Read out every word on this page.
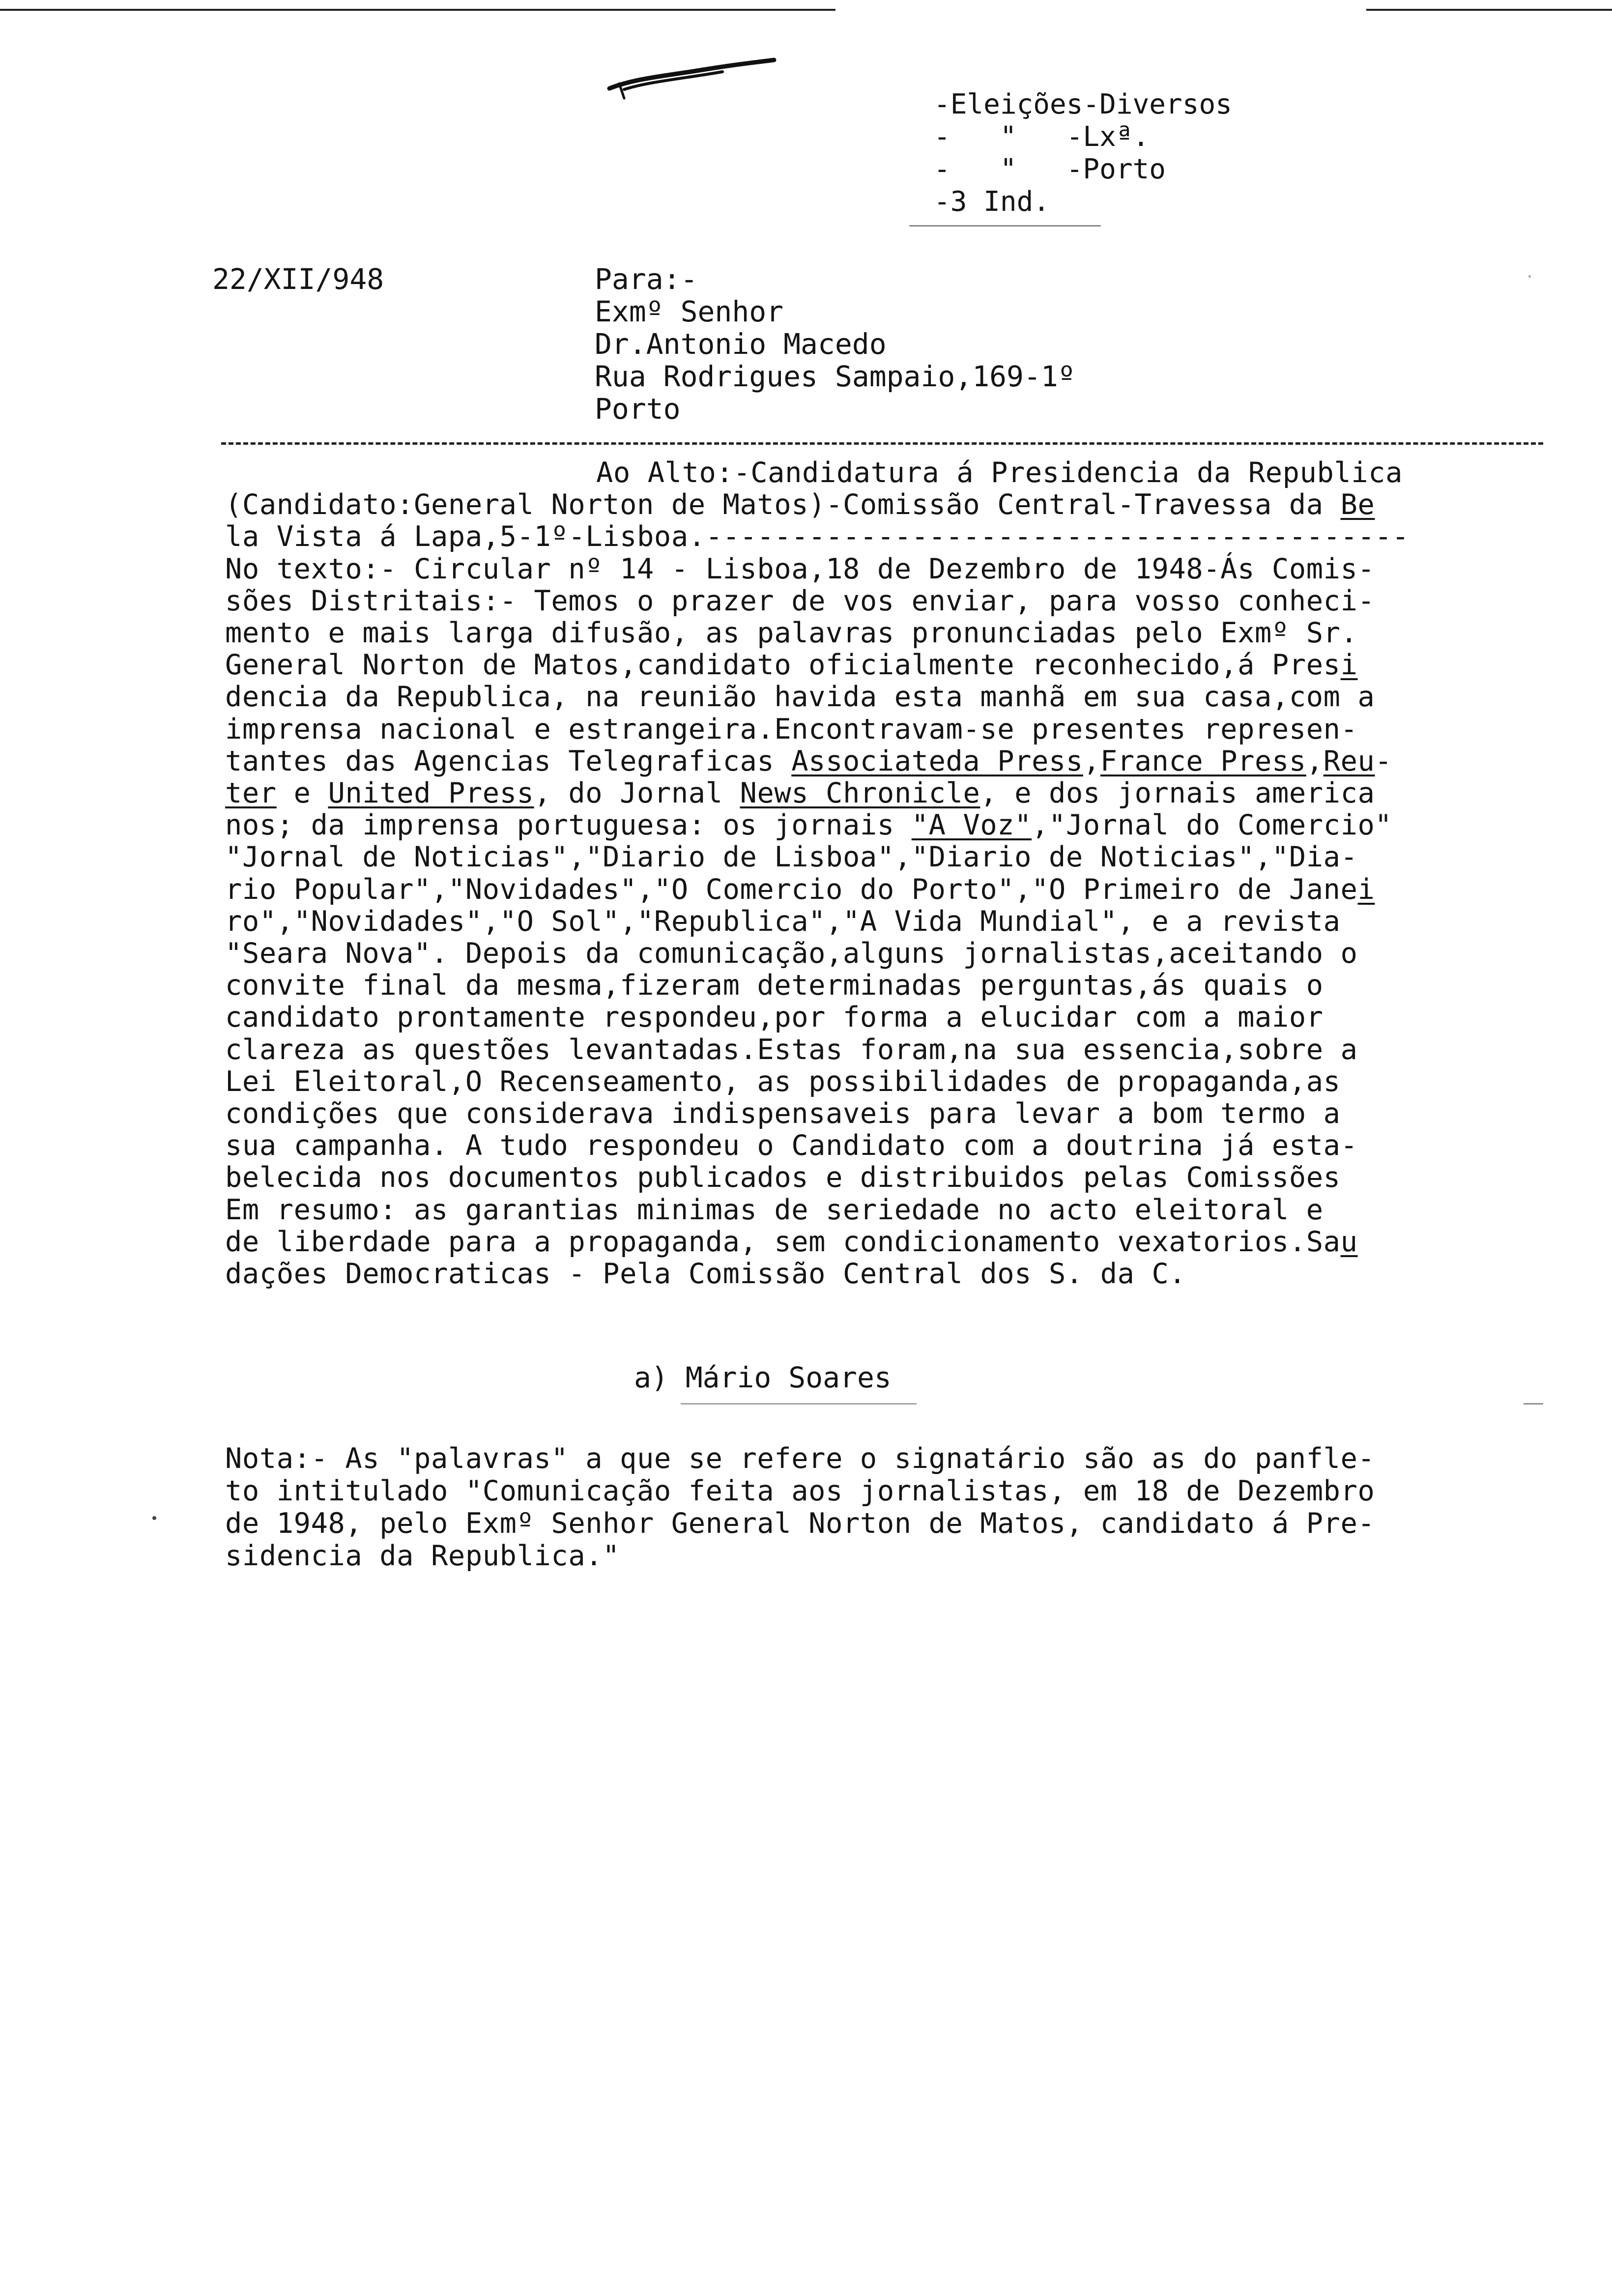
-Eleições-Diversos
-   "   -Lxª.
-   "   -Porto
-3 Ind.
22/XII/948	Para:-
Exmº Senhor
Dr.Antonio Macedo
Rua Rodrigues Sampaio,169-1º
Porto
Ao Alto:-Candidatura á Presidencia da Republica
(Candidato:General Norton de Matos)-Comissão Central-Travessa da Be
la Vista á Lapa,5-1º-Lisboa.-----------------------------------------
No texto:- Circular nº 14 - Lisboa,18 de Dezembro de 1948-Ás Comis-
sões Distritais:- Temos o prazer de vos enviar, para vosso conheci-
mento e mais larga difusão, as palavras pronunciadas pelo Exmº Sr.
General Norton de Matos,candidato oficialmente reconhecido,á Presi
dencia da Republica, na reunião havida esta manhã em sua casa,com a
imprensa nacional e estrangeira.Encontravam-se presentes represen-
tantes das Agencias Telegraficas Associateda Press,France Press,Reu-
ter e United Press, do Jornal News Chronicle, e dos jornais america
nos; da imprensa portuguesa: os jornais "A Voz","Jornal do Comercio"
"Jornal de Noticias","Diario de Lisboa","Diario de Noticias","Dia-
rio Popular","Novidades","O Comercio do Porto","O Primeiro de Janei
ro","Novidades","O Sol","Republica","A Vida Mundial", e a revista
"Seara Nova". Depois da comunicação,alguns jornalistas,aceitando o
convite final da mesma,fizeram determinadas perguntas,ás quais o
candidato prontamente respondeu,por forma a elucidar com a maior
clareza as questões levantadas.Estas foram,na sua essencia,sobre a
Lei Eleitoral,O Recenseamento, as possibilidades de propaganda,as
condições que considerava indispensaveis para levar a bom termo a
sua campanha. A tudo respondeu o Candidato com a doutrina já esta-
belecida nos documentos publicados e distribuidos pelas Comissões
Em resumo: as garantias minimas de seriedade no acto eleitoral e
de liberdade para a propaganda, sem condicionamento vexatorios.Sau
dações Democraticas - Pela Comissão Central dos S. da C.
a) Mário Soares
Nota:- As "palavras" a que se refere o signatário são as do panfle-
to intitulado "Comunicação feita aos jornalistas, em 18 de Dezembro
de 1948, pelo Exmº Senhor General Norton de Matos, candidato á Pre-
sidencia da Republica."
